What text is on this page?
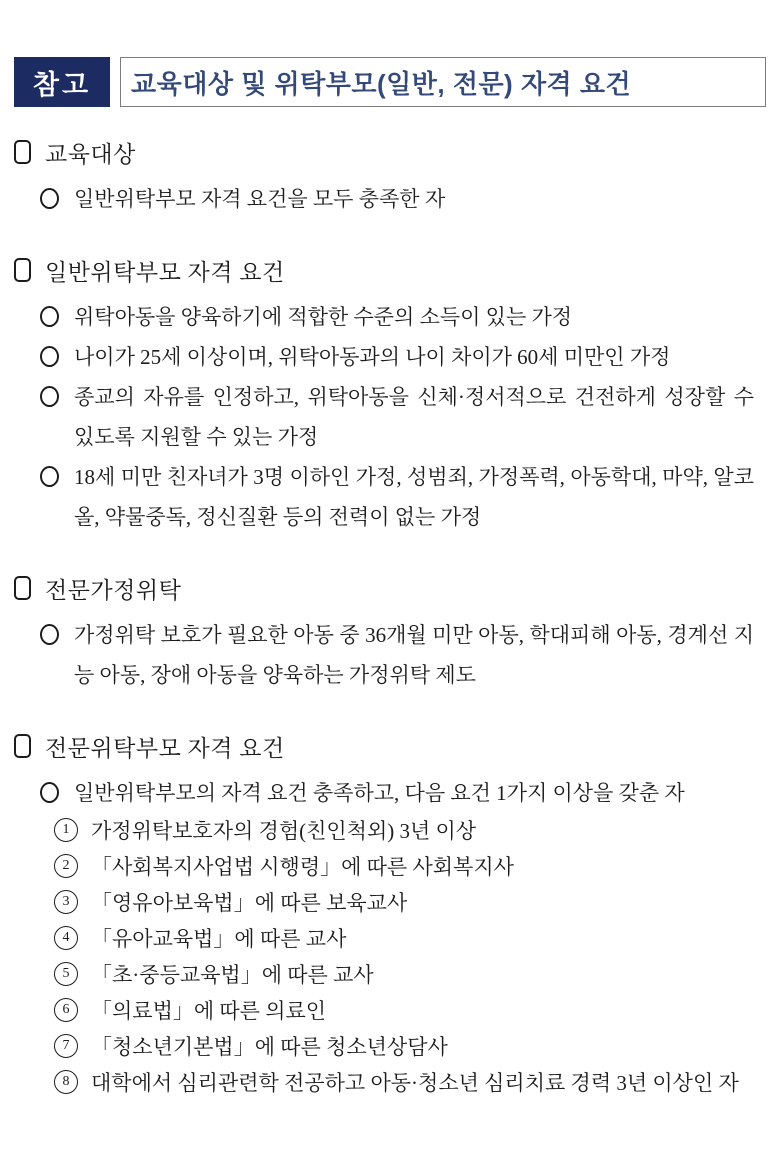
참고 교육대상 및 위탁부모(일반, 전문) 자격 요건
교육대상
일반위탁부모 자격 요건을 모두 충족한 자
일반위탁부모 자격 요건
위탁아동을 양육하기에 적합한 수준의 소득이 있는 가정
나이가 25세 이상이며, 위탁아동과의 나이 차이가 60세 미만인 가정
종교의 자유를 인정하고, 위탁아동을 신체·정서적으로 건전하게 성장할 수 있도록 지원할 수 있는 가정
18세 미만 친자녀가 3명 이하인 가정, 성범죄, 가정폭력, 아동학대, 마약, 알코올, 약물중독, 정신질환 등의 전력이 없는 가정
전문가정위탁
가정위탁 보호가 필요한 아동 중 36개월 미만 아동, 학대피해 아동, 경계선 지능 아동, 장애 아동을 양육하는 가정위탁 제도
전문위탁부모 자격 요건
일반위탁부모의 자격 요건 충족하고, 다음 요건 1가지 이상을 갖춘 자
1	가정위탁보호자의 경험(친인척외) 3년 이상
2	「사회복지사업법 시행령」에 따른 사회복지사
3	「영유아보육법」에 따른 보육교사
4	「유아교육법」에 따른 교사
5	「초·중등교육법」에 따른 교사
6	「의료법」에 따른 의료인
7	「청소년기본법」에 따른 청소년상담사
8	대학에서 심리관련학 전공하고 아동·청소년 심리치료 경력 3년 이상인 자
